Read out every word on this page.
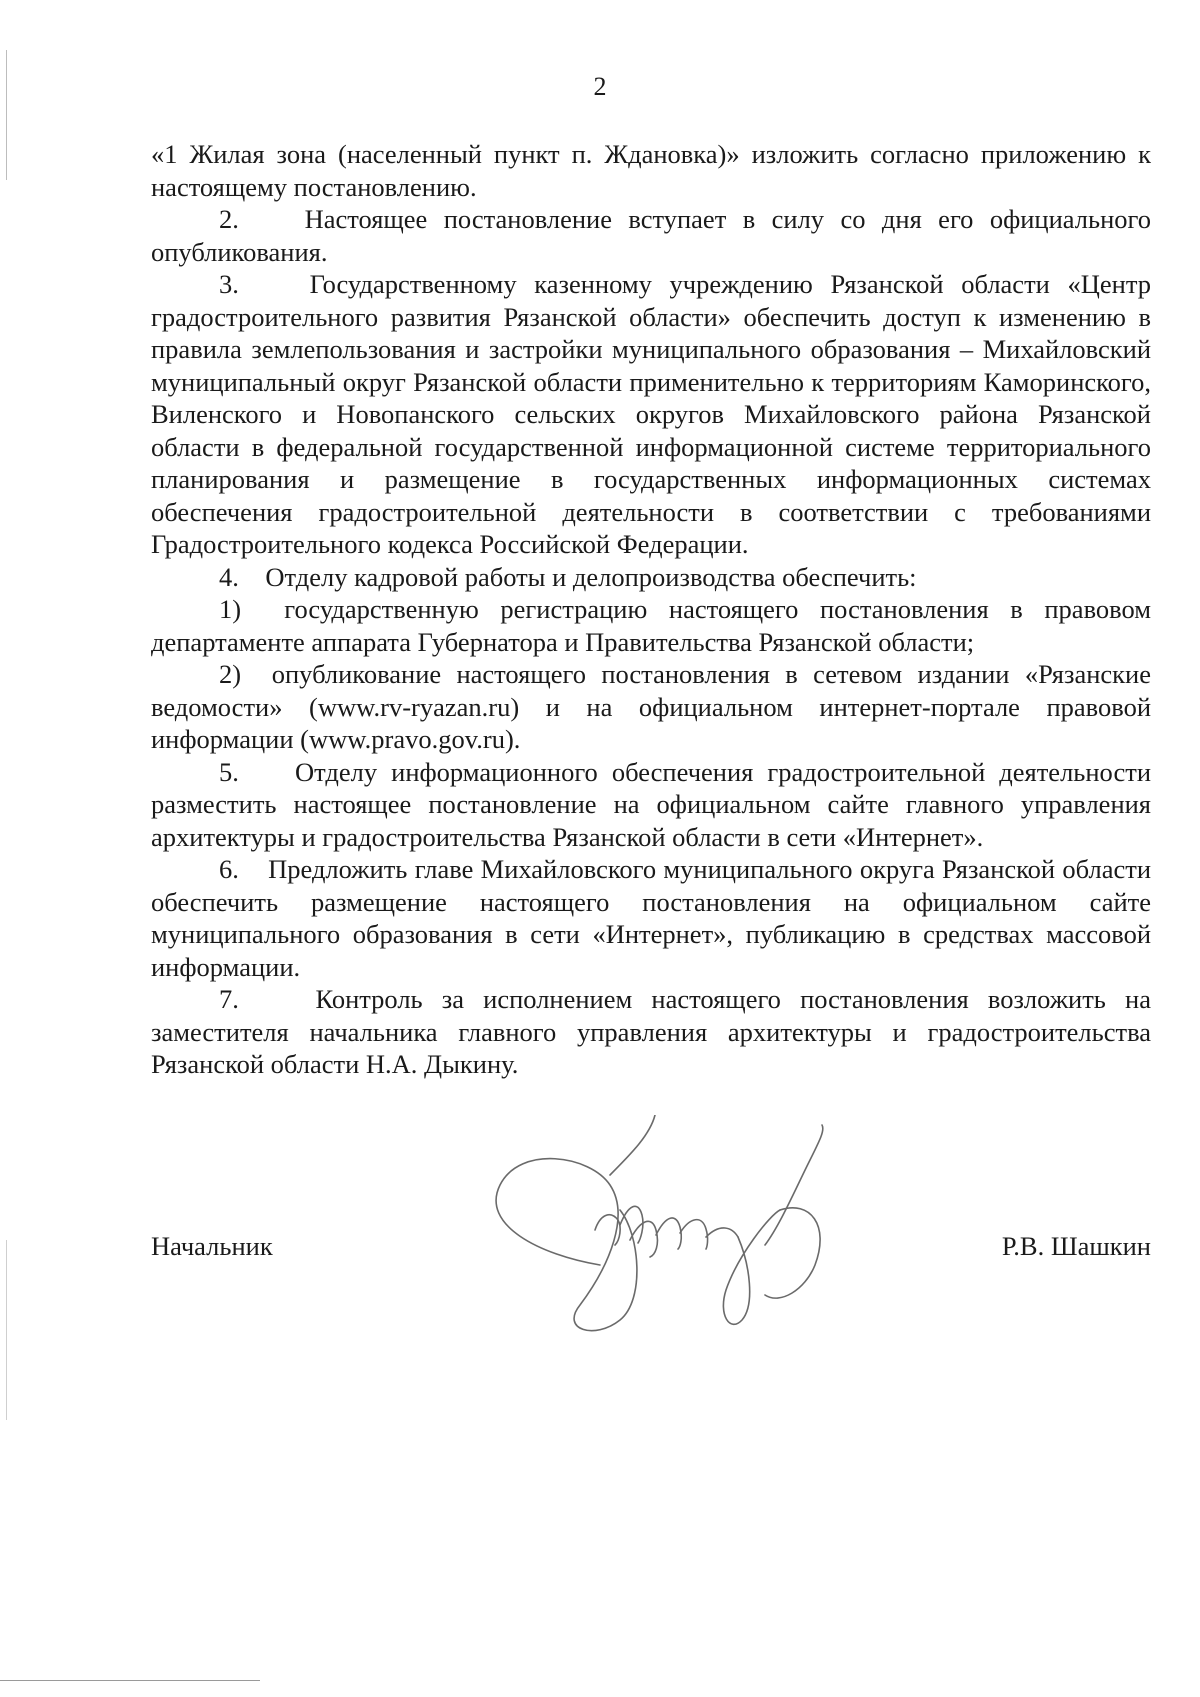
2

«1 Жилая зона (населенный пункт п. Ждановка)» изложить согласно приложению к настоящему постановлению.

2.    Настоящее постановление вступает в силу со дня его официального опубликования.

3.    Государственному казенному учреждению Рязанской области «Центр градостроительного развития Рязанской области» обеспечить доступ к изменению в правила землепользования и застройки муниципального образования – Михайловский муниципальный округ Рязанской области применительно к территориям Каморинского, Виленского и Новопанского сельских округов Михайловского района Рязанской области в федеральной государственной информационной системе территориального планирования и размещение в государственных информационных системах обеспечения градостроительной деятельности в соответствии с требованиями Градостроительного кодекса Российской Федерации.

4.    Отделу кадровой работы и делопроизводства обеспечить:

1)  государственную регистрацию настоящего постановления в правовом департаменте аппарата Губернатора и Правительства Рязанской области;

2)  опубликование настоящего постановления в сетевом издании «Рязанские ведомости» (www.rv-ryazan.ru) и на официальном интернет-портале правовой информации (www.pravo.gov.ru).

5.    Отделу информационного обеспечения градостроительной деятельности разместить настоящее постановление на официальном сайте главного управления архитектуры и градостроительства Рязанской области в сети «Интернет».

6.    Предложить главе Михайловского муниципального округа Рязанской области обеспечить размещение настоящего постановления на официальном сайте муниципального образования в сети «Интернет», публикацию в средствах массовой информации.

7.    Контроль за исполнением настоящего постановления возложить на заместителя начальника главного управления архитектуры и градостроительства Рязанской области Н.А. Дыкину.

Начальник	Р.В. Шашкин
